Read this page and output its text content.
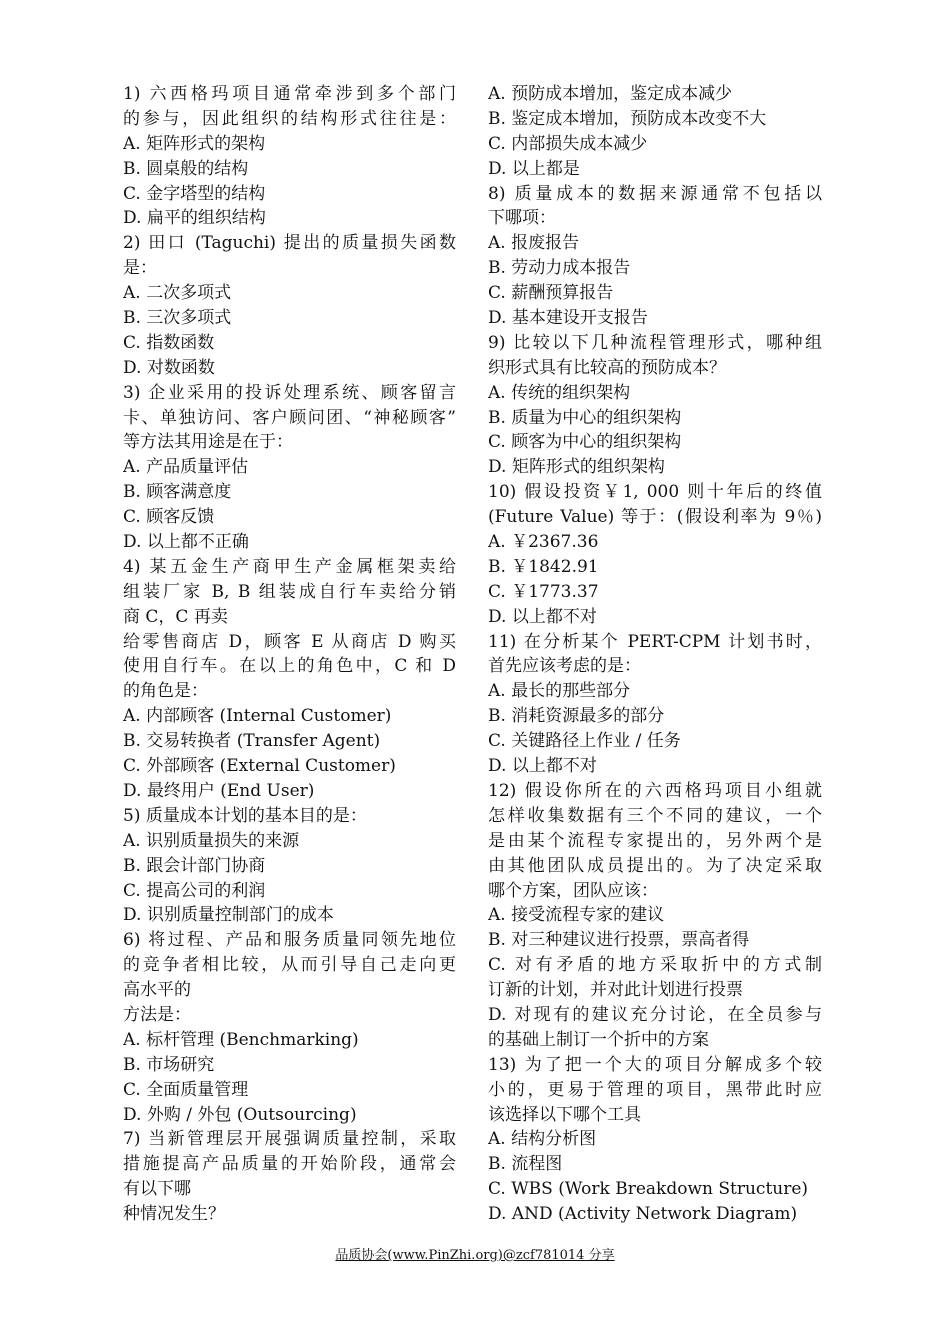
1) 六西格玛项目通常牵涉到多个部门
的参与，因此组织的结构形式往往是：
A. 矩阵形式的架构
B. 圆桌般的结构
C. 金字塔型的结构
D. 扁平的组织结构
2) 田口 (Taguchi) 提出的质量损失函数
是：
A. 二次多项式
B. 三次多项式
C. 指数函数
D. 对数函数
3) 企业采用的投诉处理系统、顾客留言
卡、单独访问、客户顾问团、“神秘顾客”
等方法其用途是在于：
A. 产品质量评估
B. 顾客满意度
C. 顾客反馈
D. 以上都不正确
4) 某五金生产商甲生产金属框架卖给
组装厂家 B, B 组装成自行车卖给分销
商 C，C 再卖
给零售商店 D，顾客 E 从商店 D 购买
使用自行车。在以上的角色中，C 和 D
的角色是：
A. 内部顾客 (Internal Customer)
B. 交易转换者 (Transfer Agent)
C. 外部顾客 (External Customer)
D. 最终用户 (End User)
5) 质量成本计划的基本目的是：
A. 识别质量损失的来源
B. 跟会计部门协商
C. 提高公司的利润
D. 识别质量控制部门的成本
6) 将过程、产品和服务质量同领先地位
的竞争者相比较，从而引导自己走向更
高水平的
方法是：
A. 标杆管理 (Benchmarking)
B. 市场研究
C. 全面质量管理
D. 外购 / 外包 (Outsourcing)
7) 当新管理层开展强调质量控制，采取
措施提高产品质量的开始阶段，通常会
有以下哪
种情况发生？
A. 预防成本增加，鉴定成本减少
B. 鉴定成本增加，预防成本改变不大
C. 内部损失成本减少
D. 以上都是
8) 质量成本的数据来源通常不包括以
下哪项：
A. 报废报告
B. 劳动力成本报告
C. 薪酬预算报告
D. 基本建设开支报告
9) 比较以下几种流程管理形式，哪种组
织形式具有比较高的预防成本？
A. 传统的组织架构
B. 质量为中心的组织架构
C. 顾客为中心的组织架构
D. 矩阵形式的组织架构
10) 假设投资￥1, 000 则十年后的终值
(Future Value) 等于：(假设利率为 9％)
A. ￥2367.36
B. ￥1842.91
C. ￥1773.37
D. 以上都不对
11) 在分析某个 PERT-CPM 计划书时，
首先应该考虑的是：
A. 最长的那些部分
B. 消耗资源最多的部分
C. 关键路径上作业 / 任务
D. 以上都不对
12) 假设你所在的六西格玛项目小组就
怎样收集数据有三个不同的建议，一个
是由某个流程专家提出的，另外两个是
由其他团队成员提出的。为了决定采取
哪个方案，团队应该：
A. 接受流程专家的建议
B. 对三种建议进行投票，票高者得
C. 对有矛盾的地方采取折中的方式制
订新的计划，并对此计划进行投票
D. 对现有的建议充分讨论，在全员参与
的基础上制订一个折中的方案
13) 为了把一个大的项目分解成多个较
小的，更易于管理的项目，黑带此时应
该选择以下哪个工具
A. 结构分析图
B. 流程图
C. WBS (Work Breakdown Structure)
D. AND (Activity Network Diagram)
品质协会(www.PinZhi.org)@zcf781014 分享
